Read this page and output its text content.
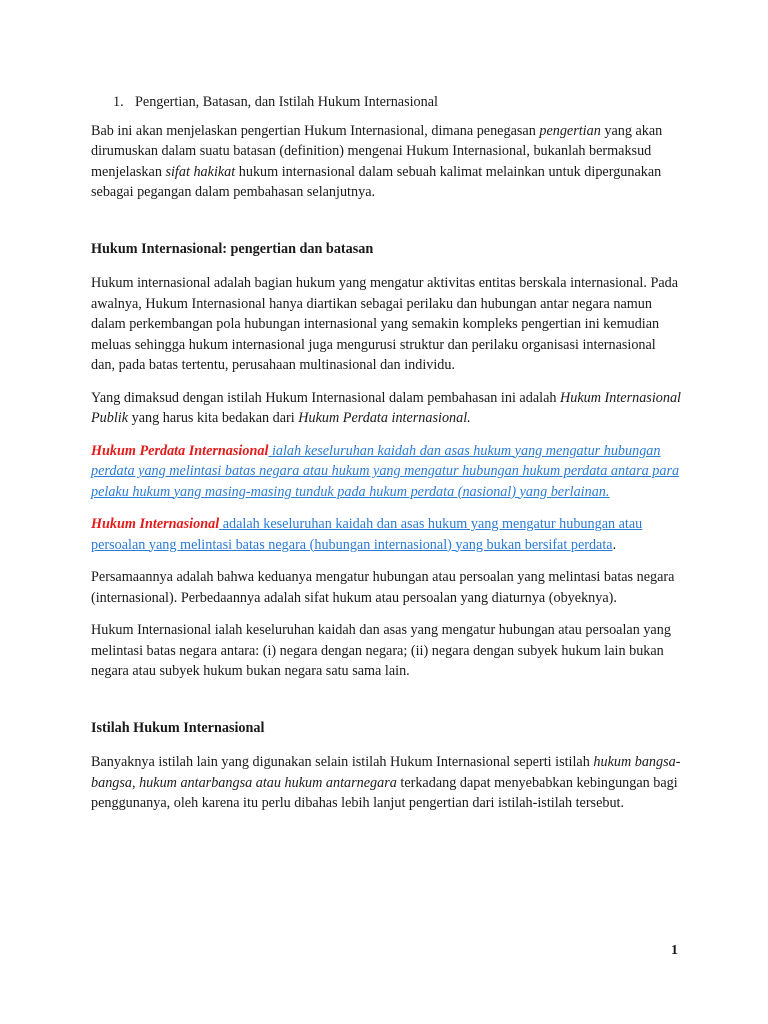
1. Pengertian, Batasan, dan Istilah Hukum Internasional

Bab ini akan menjelaskan pengertian Hukum Internasional, dimana penegasan pengertian yang akan dirumuskan dalam suatu batasan (definition) mengenai Hukum Internasional, bukanlah bermaksud menjelaskan sifat hakikat hukum internasional dalam sebuah kalimat melainkan untuk dipergunakan sebagai pegangan dalam pembahasan selanjutnya.

Hukum Internasional: pengertian dan batasan

Hukum internasional adalah bagian hukum yang mengatur aktivitas entitas berskala internasional. Pada awalnya, Hukum Internasional hanya diartikan sebagai perilaku dan hubungan antar negara namun dalam perkembangan pola hubungan internasional yang semakin kompleks pengertian ini kemudian meluas sehingga hukum internasional juga mengurusi struktur dan perilaku organisasi internasional dan, pada batas tertentu, perusahaan multinasional dan individu.

Yang dimaksud dengan istilah Hukum Internasional dalam pembahasan ini adalah Hukum Internasional Publik yang harus kita bedakan dari Hukum Perdata internasional.

Hukum Perdata Internasional ialah keseluruhan kaidah dan asas hukum yang mengatur hubungan perdata yang melintasi batas negara atau hukum yang mengatur hubungan hukum perdata antara para pelaku hukum yang masing-masing tunduk pada hukum perdata (nasional) yang berlainan.

Hukum Internasional adalah keseluruhan kaidah dan asas hukum yang mengatur hubungan atau persoalan yang melintasi batas negara (hubungan internasional) yang bukan bersifat perdata.

Persamaannya adalah bahwa keduanya mengatur hubungan atau persoalan yang melintasi batas negara (internasional). Perbedaannya adalah sifat hukum atau persoalan yang diaturnya (obyeknya).

Hukum Internasional ialah keseluruhan kaidah dan asas yang mengatur hubungan atau persoalan yang melintasi batas negara antara: (i) negara dengan negara; (ii) negara dengan subyek hukum lain bukan negara atau subyek hukum bukan negara satu sama lain.

Istilah Hukum Internasional

Banyaknya istilah lain yang digunakan selain istilah Hukum Internasional seperti istilah hukum bangsa-bangsa, hukum antarbangsa atau hukum antarnegara terkadang dapat menyebabkan kebingungan bagi penggunanya, oleh karena itu perlu dibahas lebih lanjut pengertian dari istilah-istilah tersebut.

1
